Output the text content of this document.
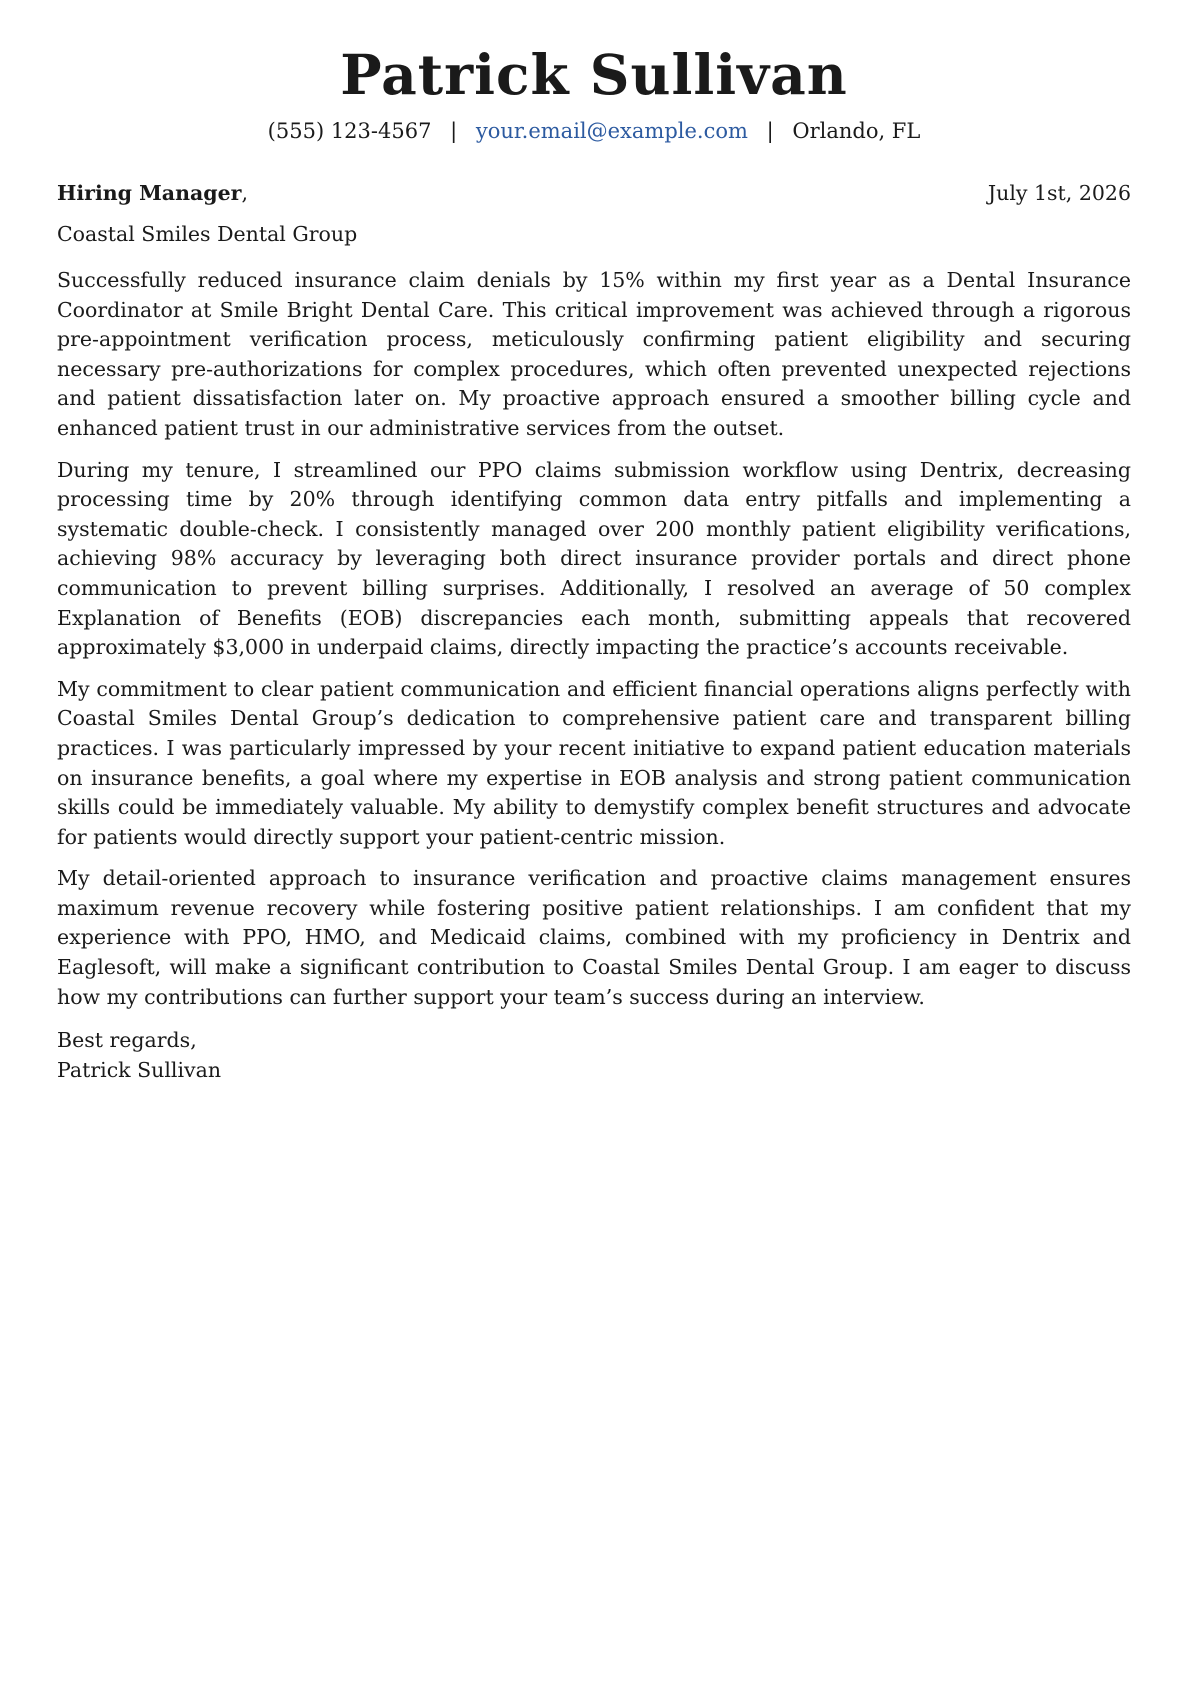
Patrick Sullivan
(555) 123-4567 | your.email@example.com | Orlando, FL
Hiring Manager,	July 1st, 2026
Coastal Smiles Dental Group

Successfully reduced insurance claim denials by 15% within my first year as a Dental Insurance Coordinator at Smile Bright Dental Care. This critical improvement was achieved through a rigorous pre-appointment verification process, meticulously confirming patient eligibility and securing necessary pre-authorizations for complex procedures, which often prevented unexpected rejections and patient dissatisfaction later on. My proactive approach ensured a smoother billing cycle and enhanced patient trust in our administrative services from the outset.

During my tenure, I streamlined our PPO claims submission workflow using Dentrix, decreasing processing time by 20% through identifying common data entry pitfalls and implementing a systematic double-check. I consistently managed over 200 monthly patient eligibility verifications, achieving 98% accuracy by leveraging both direct insurance provider portals and direct phone communication to prevent billing surprises. Additionally, I resolved an average of 50 complex Explanation of Benefits (EOB) discrepancies each month, submitting appeals that recovered approximately $3,000 in underpaid claims, directly impacting the practice’s accounts receivable.

My commitment to clear patient communication and efficient financial operations aligns perfectly with Coastal Smiles Dental Group’s dedication to comprehensive patient care and transparent billing practices. I was particularly impressed by your recent initiative to expand patient education materials on insurance benefits, a goal where my expertise in EOB analysis and strong patient communication skills could be immediately valuable. My ability to demystify complex benefit structures and advocate for patients would directly support your patient-centric mission.

My detail-oriented approach to insurance verification and proactive claims management ensures maximum revenue recovery while fostering positive patient relationships. I am confident that my experience with PPO, HMO, and Medicaid claims, combined with my proficiency in Dentrix and Eaglesoft, will make a significant contribution to Coastal Smiles Dental Group. I am eager to discuss how my contributions can further support your team’s success during an interview.

Best regards,
Patrick Sullivan
